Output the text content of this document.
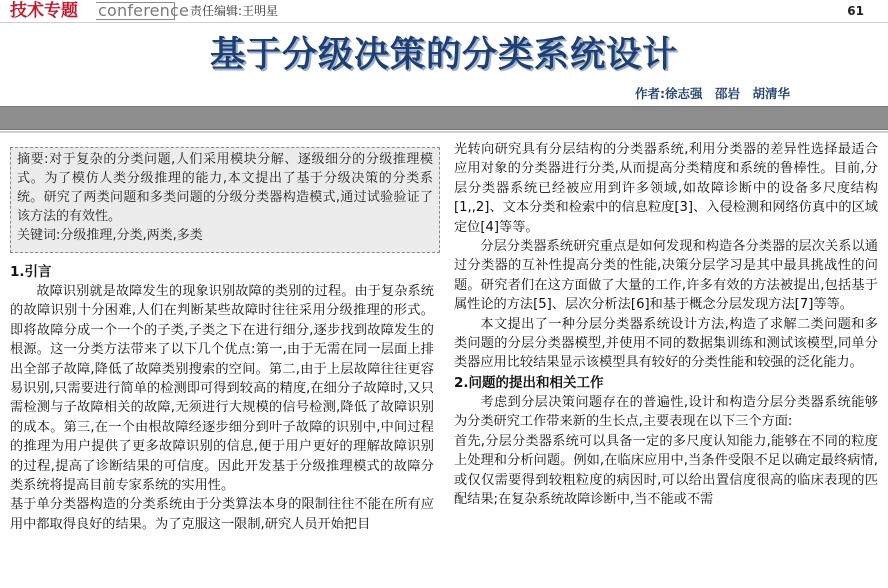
技术专题 conference 责任编辑:王明星	61
基于分级决策的分类系统设计
作者:徐志强　邵岩　胡清华

摘要:对于复杂的分类问题,人们采用模块分解、逐级细分的分级推理模式。为了模仿人类分级推理的能力,本文提出了基于分级决策的分类系统。研究了两类问题和多类问题的分级分类器构造模式,通过试验验证了该方法的有效性。

关键词:分级推理,分类,两类,多类

1.引言

故障识别就是故障发生的现象识别故障的类别的过程。由于复杂系统的故障识别十分困难,人们在判断某些故障时往往采用分级推理的形式。即将故障分成一个一个的子类,子类之下在进行细分,逐步找到故障发生的根源。这一分类方法带来了以下几个优点:第一,由于无需在同一层面上排出全部子故障,降低了故障类别搜索的空间。第二,由于上层故障往往更容易识别,只需要进行简单的检测即可得到较高的精度,在细分子故障时,又只需检测与子故障相关的故障,无须进行大规模的信号检测,降低了故障识别的成本。第三,在一个由根故障经逐步细分到叶子故障的识别中,中间过程的推理为用户提供了更多故障识别的信息,便于用户更好的理解故障识别的过程,提高了诊断结果的可信度。因此开发基于分级推理模式的故障分类系统将提高目前专家系统的实用性。

基于单分类器构造的分类系统由于分类算法本身的限制往往不能在所有应用中都取得良好的结果。为了克服这一限制,研究人员开始把目

光转向研究具有分层结构的分类器系统,利用分类器的差异性选择最适合应用对象的分类器进行分类,从而提高分类精度和系统的鲁棒性。目前,分层分类器系统已经被应用到许多领域,如故障诊断中的设备多尺度结构[1,,2]、文本分类和检索中的信息粒度[3]、入侵检测和网络仿真中的区域定位[4]等等。

分层分类器系统研究重点是如何发现和构造各分类器的层次关系以通过分类器的互补性提高分类的性能,决策分层学习是其中最具挑战性的问题。研究者们在这方面做了大量的工作,许多有效的方法被提出,包括基于属性论的方法[5]、层次分析法[6]和基于概念分层发现方法[7]等等。

本文提出了一种分层分类器系统设计方法,构造了求解二类问题和多类问题的分层分类器模型,并使用不同的数据集训练和测试该模型,同单分类器应用比较结果显示该模型具有较好的分类性能和较强的泛化能力。

2.问题的提出和相关工作

考虑到分层决策问题存在的普遍性,设计和构造分层分类器系统能够为分类研究工作带来新的生长点,主要表现在以下三个方面:

首先,分层分类器系统可以具备一定的多尺度认知能力,能够在不同的粒度上处理和分析问题。例如,在临床应用中,当条件受限不足以确定最终病情,或仅仅需要得到较粗粒度的病因时,可以给出置信度很高的临床表现的匹配结果;在复杂系统故障诊断中,当不能或不需
